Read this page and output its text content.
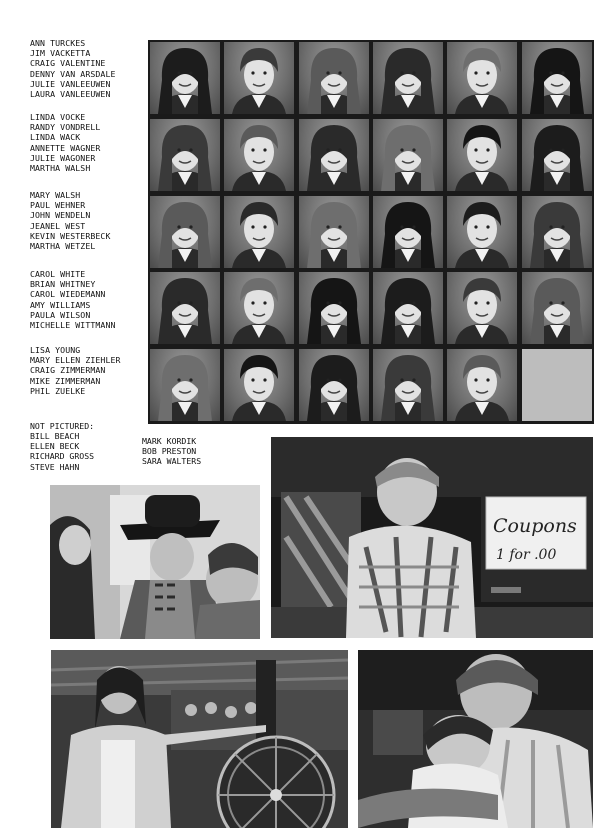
ANN TURCKES
JIM VACKETTA
CRAIG VALENTINE
DENNY VAN ARSDALE
JULIE VANLEEUWEN
LAURA VANLEEUWEN
LINDA VOCKE
RANDY VONDRELL
LINDA WACK
ANNETTE WAGNER
JULIE WAGONER
MARTHA WALSH
MARY WALSH
PAUL WEHNER
JOHN WENDELN
JEANEL WEST
KEVIN WESTERBECK
MARTHA WETZEL
CAROL WHITE
BRIAN WHITNEY
CAROL WIEDEMANN
AMY WILLIAMS
PAULA WILSON
MICHELLE WITTMANN
LISA YOUNG
MARY ELLEN ZIEHLER
CRAIG ZIMMERMAN
MIKE ZIMMERMAN
PHIL ZUELKE
NOT PICTURED:
BILL BEACH
ELLEN BECK
RICHARD GROSS
STEVE HAHN
MARK KORDIK
BOB PRESTON
SARA WALTERS
Coupons
1 for .00
